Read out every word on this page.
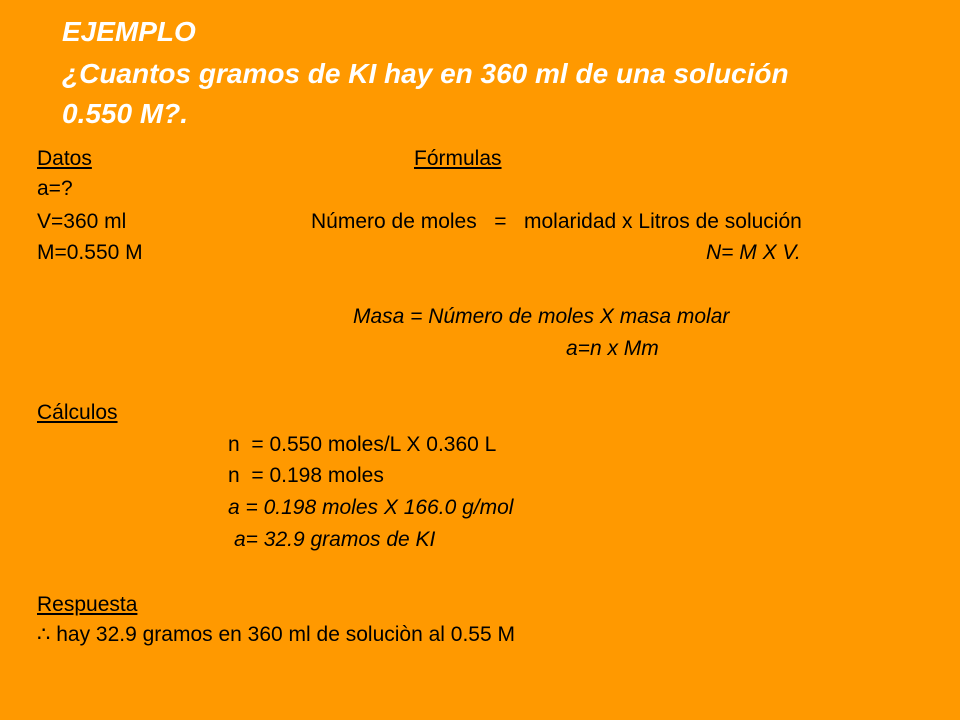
EJEMPLO
¿Cuantos gramos de KI hay en 360 ml de una solución
0.550 M?.
Datos	Fórmulas
a=?
V=360 ml
M=0.550 M
Número de moles   =   molaridad x Litros de solución
N= M X V.
Masa = Número de moles X masa molar
a=n x Mm
Cálculos
n  = 0.550 moles/L X 0.360 L
n  = 0.198 moles
a = 0.198 moles X 166.0 g/mol
a= 32.9 gramos de KI
Respuesta
∴ hay 32.9 gramos en 360 ml de soluciòn al 0.55 M
